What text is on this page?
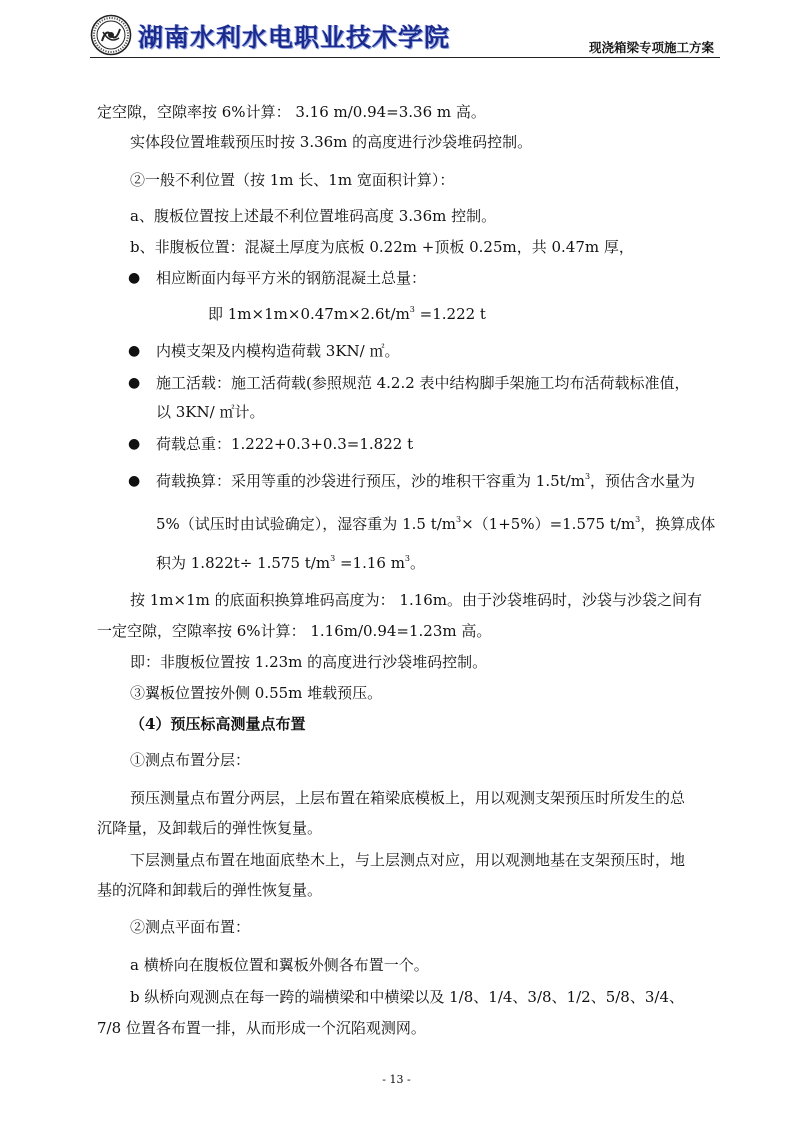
湖南水利水电职业技术学院	现浇箱梁专项施工方案
定空隙，空隙率按 6%计算： 3.16 m/0.94=3.36 m 高。
实体段位置堆载预压时按 3.36m 的高度进行沙袋堆码控制。
②一般不利位置（按 1m 长、1m 宽面积计算）：
a、腹板位置按上述最不利位置堆码高度 3.36m 控制。
b、非腹板位置：混凝土厚度为底板 0.22m +顶板 0.25m，共 0.47m 厚，
● 相应断面内每平方米的钢筋混凝土总量：
即 $1m\times 1m\times 0.47m\times 2.6t/m^3 =1.222$ t
● 内模支架及内模构造荷载 3KN/ ㎡。
● 施工活载：施工活荷载(参照规范 4.2.2 表中结构脚手架施工均布活荷载标准值，
以 3KN/ ㎡计。
● 荷载总重：1.222+0.3+0.3=1.822 t
● 荷载换算：采用等重的沙袋进行预压，沙的堆积干容重为 $1.5t/m^3$，预估含水量为
5%（试压时由试验确定），湿容重为 1.5 $t/m^3\times(1+5\%)=1.575$ $t/m^3$，换算成体
积为 1.822t÷ 1.575 $t/m^3 =1.16$ $m^3$。
按 1m×1m 的底面积换算堆码高度为： 1.16m。由于沙袋堆码时，沙袋与沙袋之间有
一定空隙，空隙率按 6%计算： 1.16m/0.94=1.23m 高。
即：非腹板位置按 1.23m 的高度进行沙袋堆码控制。
③翼板位置按外侧 0.55m 堆载预压。
（4）预压标高测量点布置
①测点布置分层：
预压测量点布置分两层，上层布置在箱梁底模板上，用以观测支架预压时所发生的总
沉降量，及卸载后的弹性恢复量。
下层测量点布置在地面底垫木上，与上层测点对应，用以观测地基在支架预压时，地
基的沉降和卸载后的弹性恢复量。
②测点平面布置：
a 横桥向在腹板位置和翼板外侧各布置一个。
b 纵桥向观测点在每一跨的端横梁和中横梁以及 1/8、1/4、3/8、1/2、5/8、3/4、
7/8 位置各布置一排，从而形成一个沉陷观测网。
- 13 -
